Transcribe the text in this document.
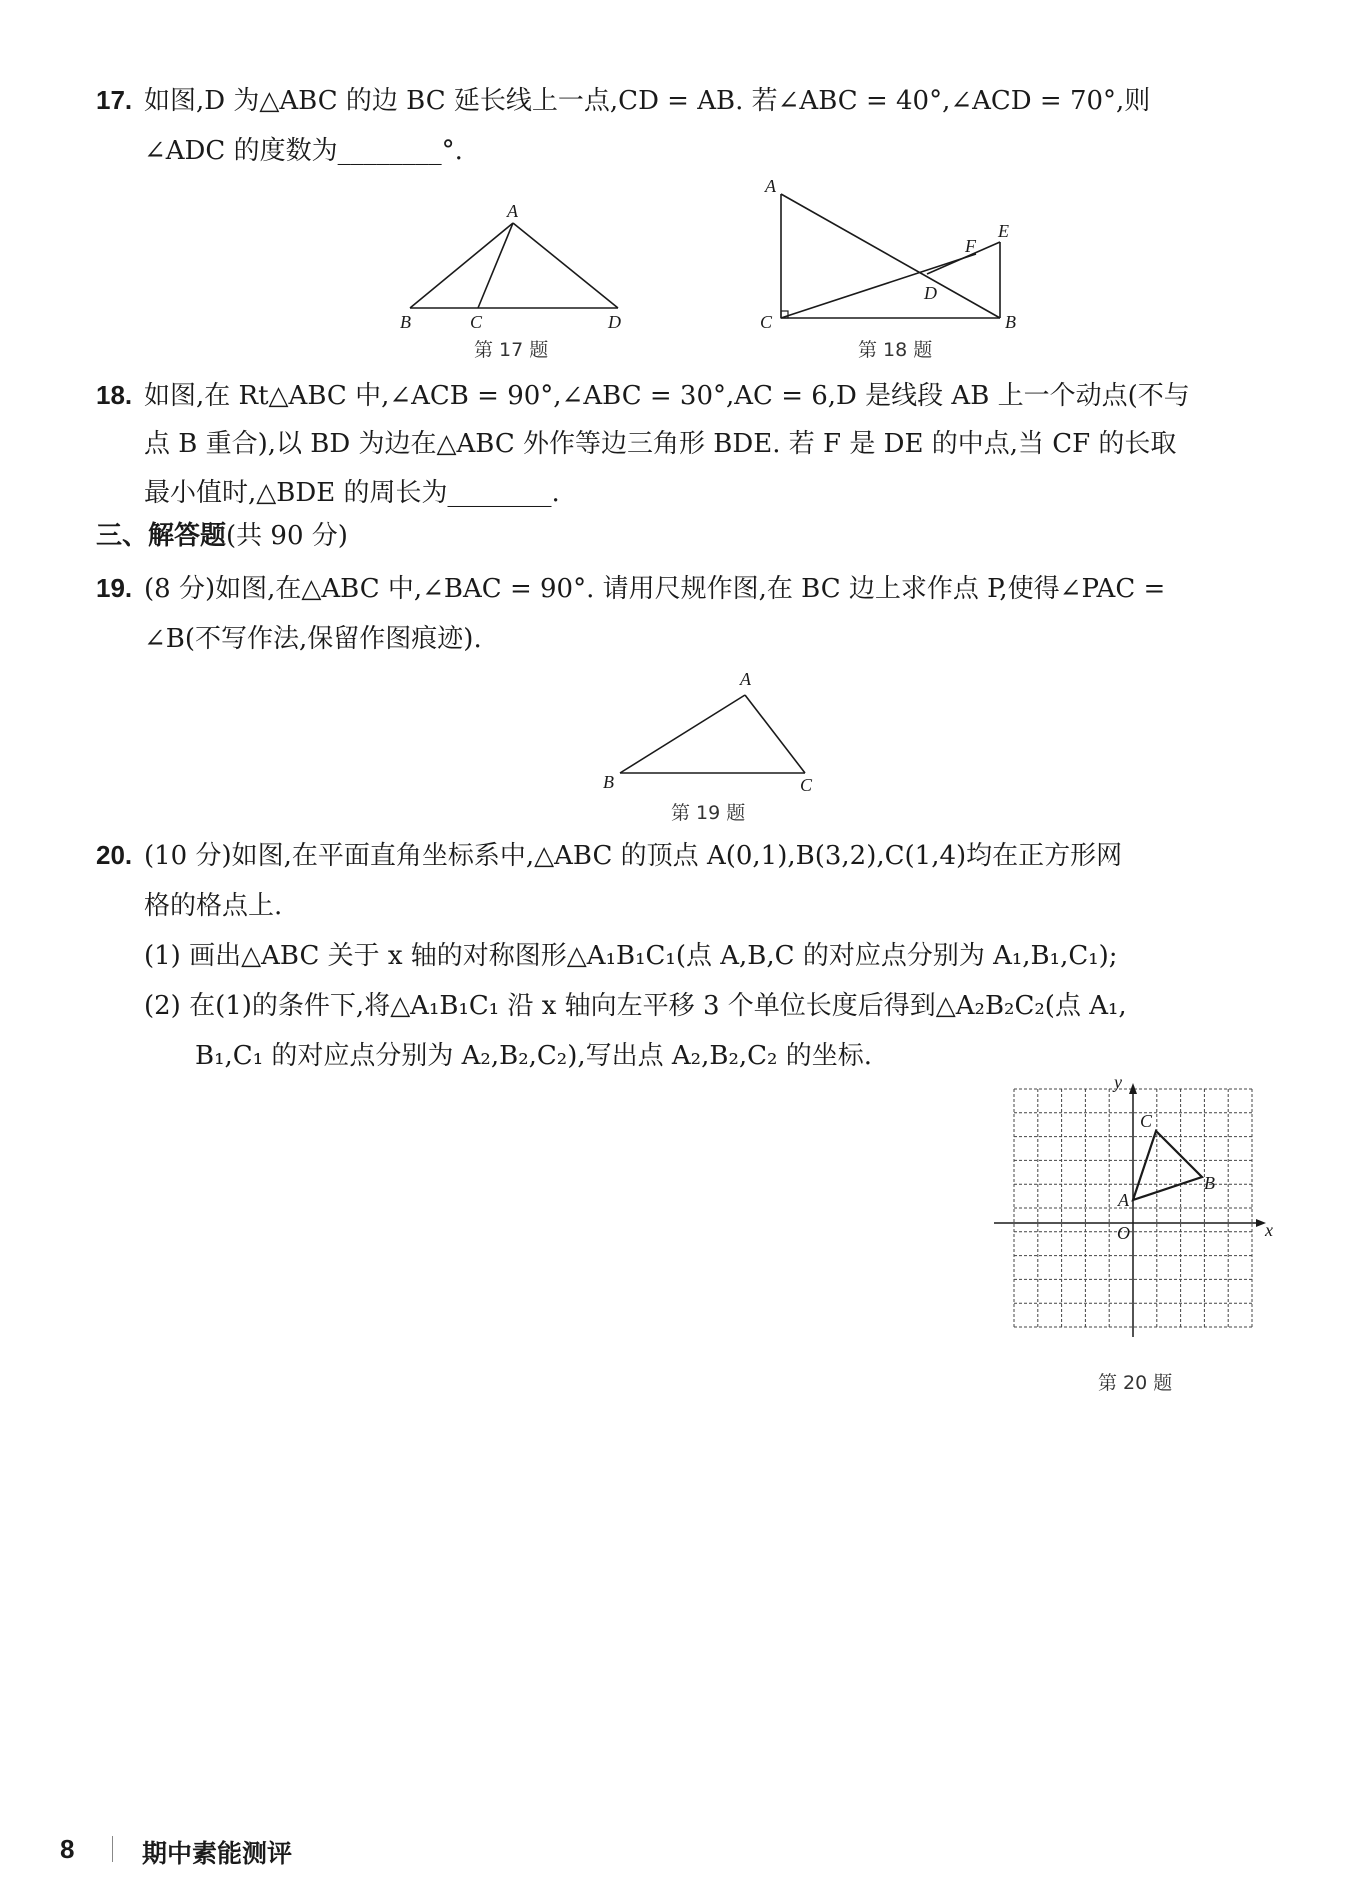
17. 如图,D 为△ABC 的边 BC 延长线上一点,CD = AB. 若∠ABC = 40°,∠ACD = 70°,则
∠ADC 的度数为________°.
A
B	C	D
第 17 题
A
C	B
E
F
D
第 18 题
18. 如图,在 Rt△ABC 中,∠ACB = 90°,∠ABC = 30°,AC = 6,D 是线段 AB 上一个动点(不与
点 B 重合),以 BD 为边在△ABC 外作等边三角形 BDE. 若 F 是 DE 的中点,当 CF 的长取
最小值时,△BDE 的周长为________.
三、解答题(共 90 分)
19. (8 分)如图,在△ABC 中,∠BAC = 90°. 请用尺规作图,在 BC 边上求作点 P,使得∠PAC =
∠B(不写作法,保留作图痕迹).
A
B	C
第 19 题
20. (10 分)如图,在平面直角坐标系中,△ABC 的顶点 A(0,1),B(3,2),C(1,4)均在正方形网
格的格点上.
(1) 画出△ABC 关于 x 轴的对称图形△A₁B₁C₁(点 A,B,C 的对应点分别为 A₁,B₁,C₁);
(2) 在(1)的条件下,将△A₁B₁C₁ 沿 x 轴向左平移 3 个单位长度后得到△A₂B₂C₂(点 A₁,
B₁,C₁ 的对应点分别为 A₂,B₂,C₂),写出点 A₂,B₂,C₂ 的坐标.
A
B
C
O	x
y
第 20 题
8	期中素能测评
